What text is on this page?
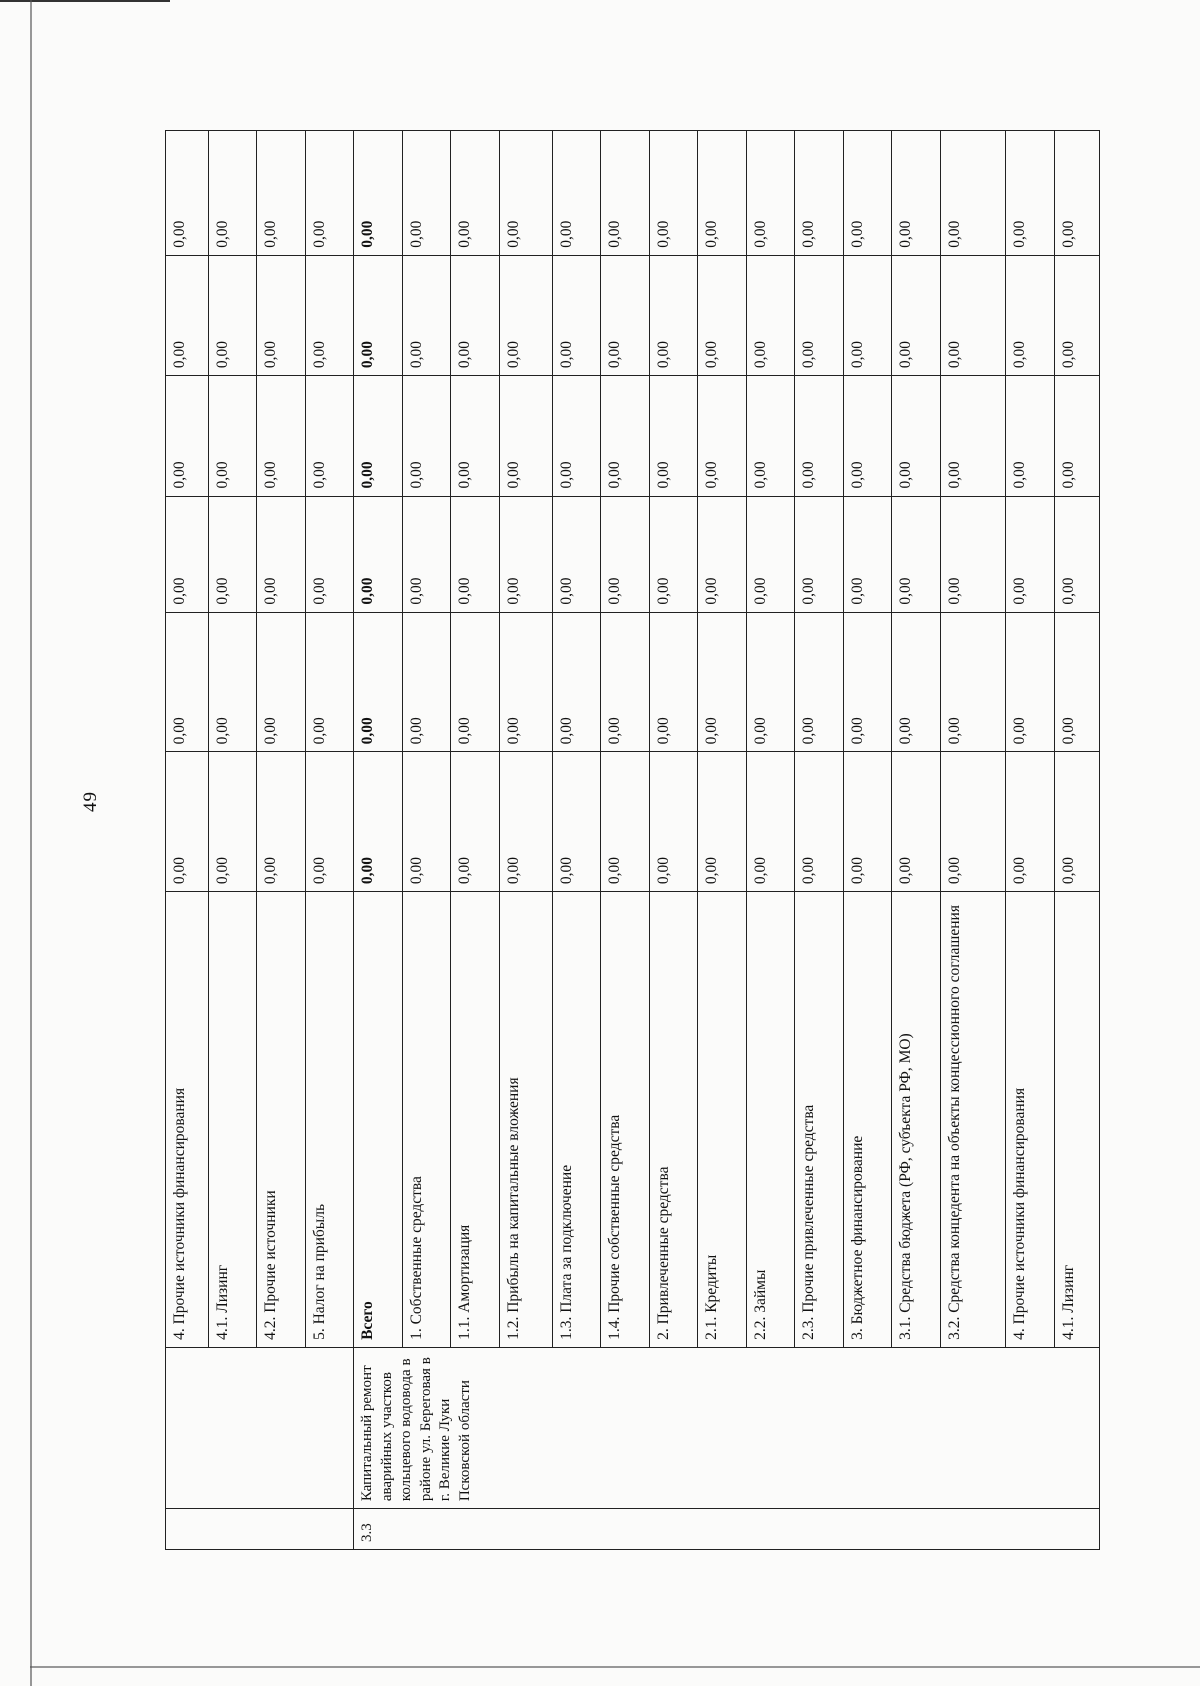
49
		4. Прочие источники финансирования	0,00	0,00	0,00	0,00	0,00	0,00
		4.1. Лизинг	0,00	0,00	0,00	0,00	0,00	0,00
		4.2. Прочие источники	0,00	0,00	0,00	0,00	0,00	0,00
		5. Налог на прибыль	0,00	0,00	0,00	0,00	0,00	0,00
3.3	Капитальный ремонт аварийных участков кольцевого водовода в районе ул. Береговая в г. Великие Луки Псковской области	Всего	0,00	0,00	0,00	0,00	0,00	0,00
		1. Собственные средства	0,00	0,00	0,00	0,00	0,00	0,00
		1.1. Амортизация	0,00	0,00	0,00	0,00	0,00	0,00
		1.2. Прибыль на капитальные вложения	0,00	0,00	0,00	0,00	0,00	0,00
		1.3. Плата за подключение	0,00	0,00	0,00	0,00	0,00	0,00
		1.4. Прочие собственные средства	0,00	0,00	0,00	0,00	0,00	0,00
		2. Привлеченные средства	0,00	0,00	0,00	0,00	0,00	0,00
		2.1. Кредиты	0,00	0,00	0,00	0,00	0,00	0,00
		2.2. Займы	0,00	0,00	0,00	0,00	0,00	0,00
		2.3. Прочие привлеченные средства	0,00	0,00	0,00	0,00	0,00	0,00
		3. Бюджетное финансирование	0,00	0,00	0,00	0,00	0,00	0,00
		3.1. Средства бюджета (РФ, субъекта РФ, МО)	0,00	0,00	0,00	0,00	0,00	0,00
		3.2. Средства концедента на объекты концессионного соглашения	0,00	0,00	0,00	0,00	0,00	0,00
		4. Прочие источники финансирования	0,00	0,00	0,00	0,00	0,00	0,00
		4.1. Лизинг	0,00	0,00	0,00	0,00	0,00	0,00
